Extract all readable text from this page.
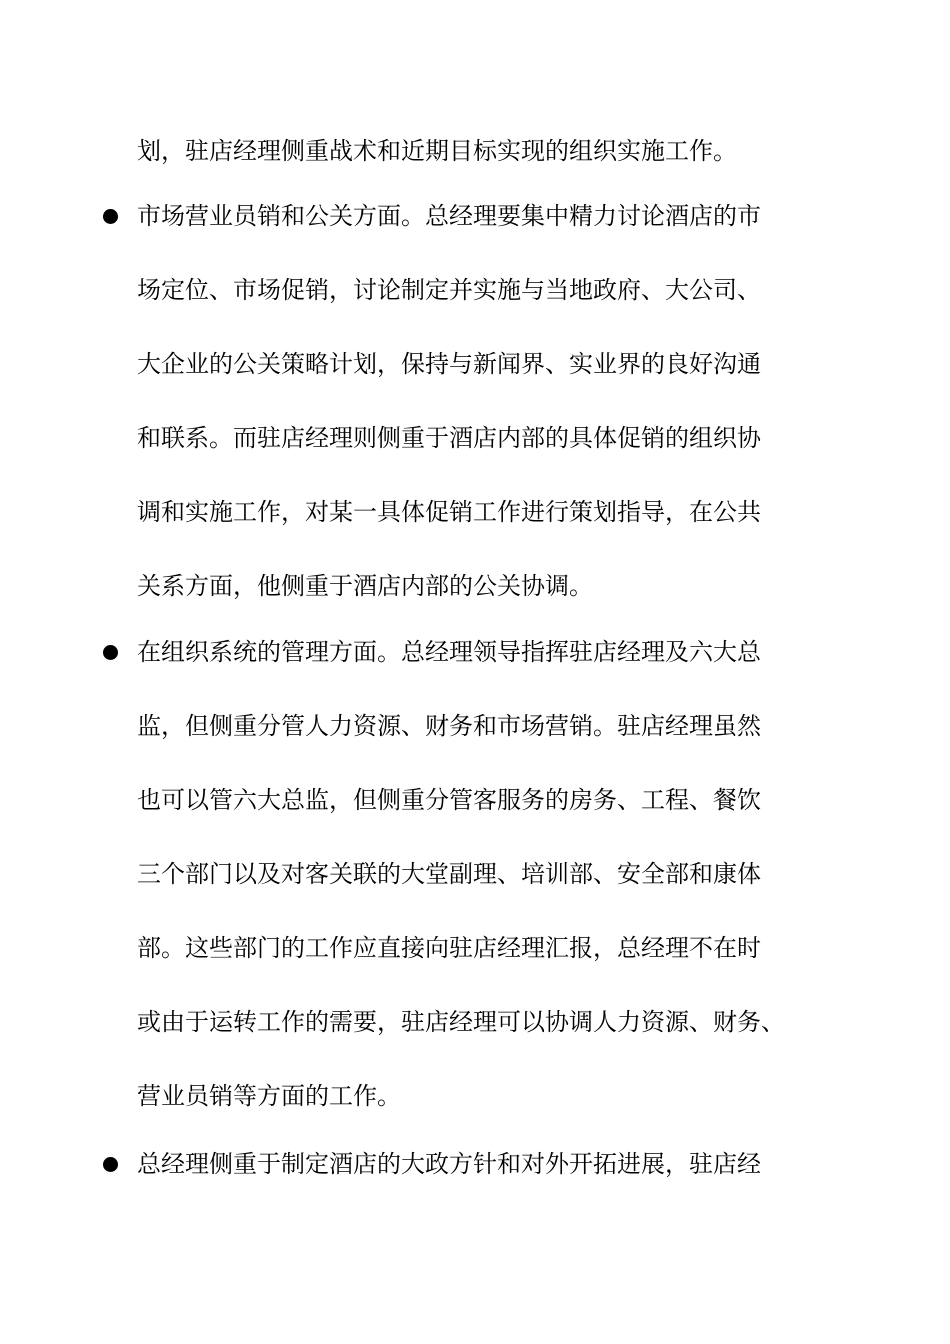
划，驻店经理侧重战术和近期目标实现的组织实施工作。
市场营业员销和公关方面。总经理要集中精力讨论酒店的市
场定位、市场促销，讨论制定并实施与当地政府、大公司、
大企业的公关策略计划，保持与新闻界、实业界的良好沟通
和联系。而驻店经理则侧重于酒店内部的具体促销的组织协
调和实施工作，对某一具体促销工作进行策划指导，在公共
关系方面，他侧重于酒店内部的公关协调。
在组织系统的管理方面。总经理领导指挥驻店经理及六大总
监，但侧重分管人力资源、财务和市场营销。驻店经理虽然
也可以管六大总监，但侧重分管客服务的房务、工程、餐饮
三个部门以及对客关联的大堂副理、培训部、安全部和康体
部。这些部门的工作应直接向驻店经理汇报，总经理不在时
或由于运转工作的需要，驻店经理可以协调人力资源、财务、
营业员销等方面的工作。
总经理侧重于制定酒店的大政方针和对外开拓进展，驻店经
